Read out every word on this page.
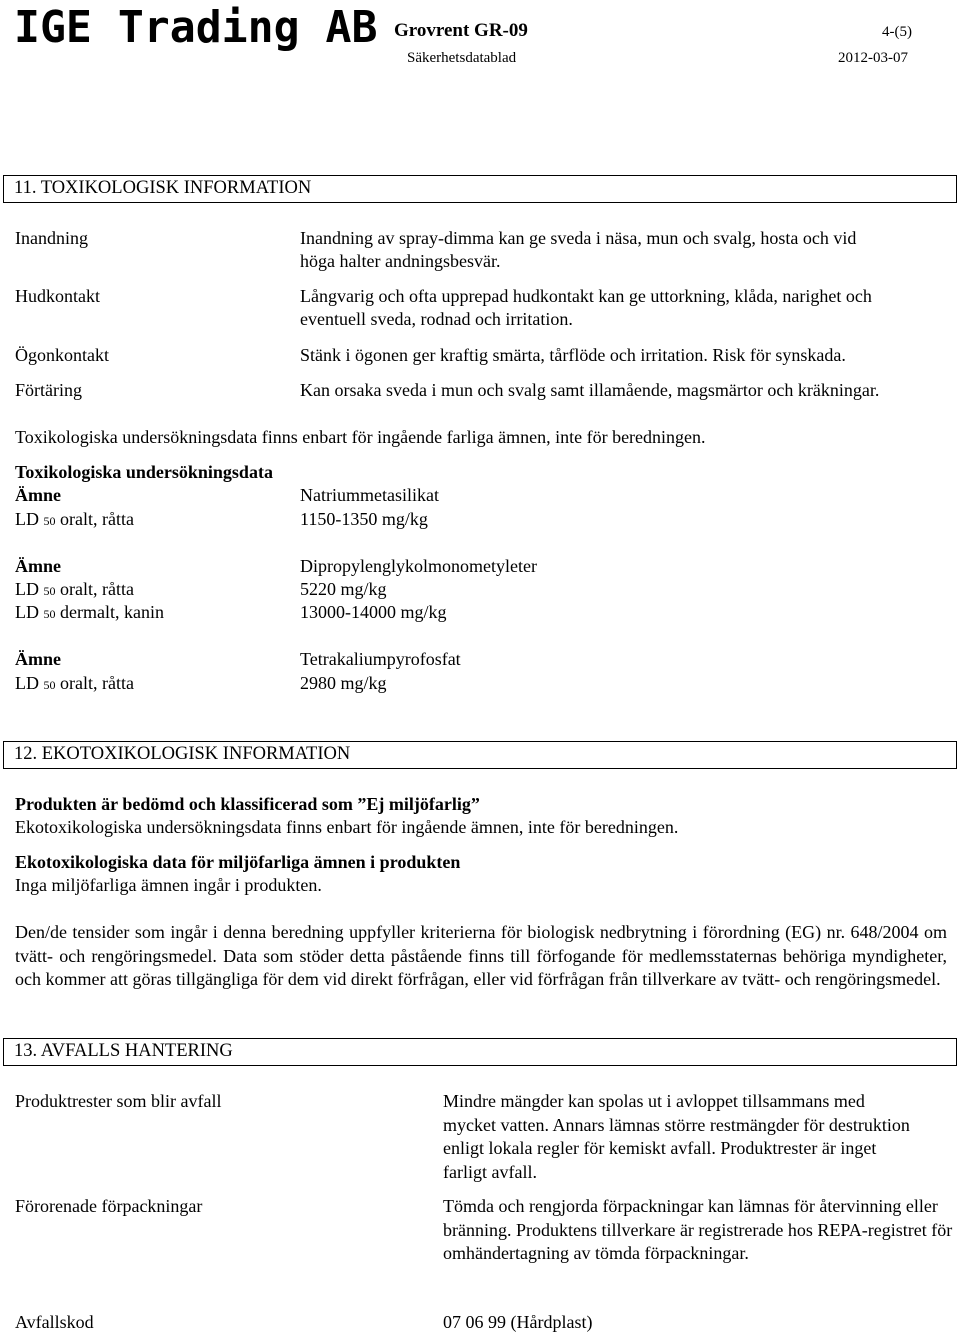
IGE Trading AB Grovrent GR-09
Säkerhetsdatablad
4-(5)
2012-03-07
11. TOXIKOLOGISK INFORMATION
Inandning	Inandning av spray-dimma kan ge sveda i näsa, mun och svalg, hosta och vid
höga halter andningsbesvär.
Hudkontakt	Långvarig och ofta upprepad hudkontakt kan ge uttorkning, klåda, narighet och
eventuell sveda, rodnad och irritation.
Ögonkontakt	Stänk i ögonen ger kraftig smärta, tårflöde och irritation. Risk för synskada.
Förtäring	Kan orsaka sveda i mun och svalg samt illamående, magsmärtor och kräkningar.
Toxikologiska undersökningsdata finns enbart för ingående farliga ämnen, inte för beredningen.
Toxikologiska undersökningsdata
Ämne	Natriummetasilikat
LD 50 oralt, råtta	1150-1350 mg/kg
Ämne	Dipropylenglykolmonometyleter
LD 50 oralt, råtta	5220 mg/kg
LD 50 dermalt, kanin	13000-14000 mg/kg
Ämne	Tetrakaliumpyrofosfat
LD 50 oralt, råtta	2980 mg/kg
12. EKOTOXIKOLOGISK INFORMATION
Produkten är bedömd och klassificerad som ”Ej miljöfarlig”
Ekotoxikologiska undersökningsdata finns enbart för ingående ämnen, inte för beredningen.
Ekotoxikologiska data för miljöfarliga ämnen i produkten
Inga miljöfarliga ämnen ingår i produkten.
Den/de tensider som ingår i denna beredning uppfyller kriterierna för biologisk nedbrytning i förordning (EG) nr. 648/2004 om tvätt- och rengöringsmedel. Data som stöder detta påstående finns till förfogande för medlemsstaternas behöriga myndigheter, och kommer att göras tillgängliga för dem vid direkt förfrågan, eller vid förfrågan från tillverkare av tvätt- och rengöringsmedel.
13. AVFALLS HANTERING
Produktrester som blir avfall	Mindre mängder kan spolas ut i avloppet tillsammans med mycket vatten. Annars lämnas större restmängder för destruktion enligt lokala regler för kemiskt avfall. Produktrester är inget farligt avfall.
Förorenade förpackningar	Tömda och rengjorda förpackningar kan lämnas för återvinning eller bränning. Produktens tillverkare är registrerade hos REPA-registret för omhändertagning av tömda förpackningar.
Avfallskod	07 06 99 (Hårdplast)
